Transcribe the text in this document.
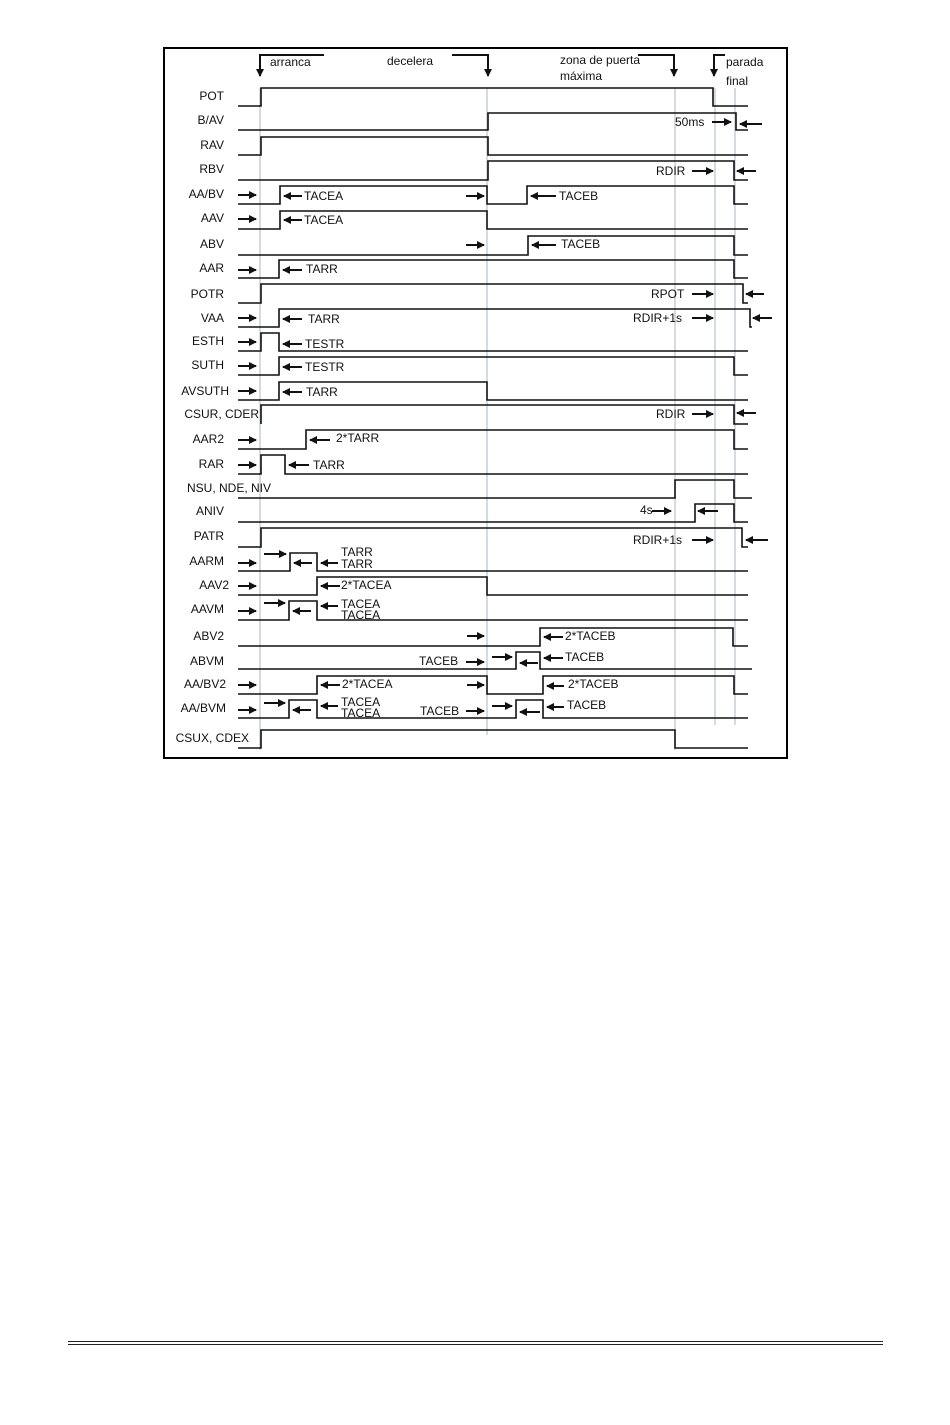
arranca	decelera	zona de puerta
máxima
parada
final
POT
B/AV
RAV
RBV
AA/BV
AAV
ABV
AAR
POTR
VAA
ESTH
SUTH
AVSUTH
CSUR, CDER
AAR2
RAR
NSU, NDE, NIV
ANIV
PATR
AARM
AAV2
AAVM
ABV2
ABVM
AA/BV2
AA/BVM
CSUX, CDEX
50ms
RDIR
TACEA	TACEB
TACEA
TACEB
TARR
RPOT
TARR	RDIR+1s
TESTR
TESTR
TARR
RDIR
2*TARR
TARR
4s
RDIR+1s
TARR
TARR
2*TACEA
TACEA
TACEA
2*TACEB
TACEB	TACEB
2*TACEA	2*TACEB
TACEA
TACEA	TACEB	TACEB
